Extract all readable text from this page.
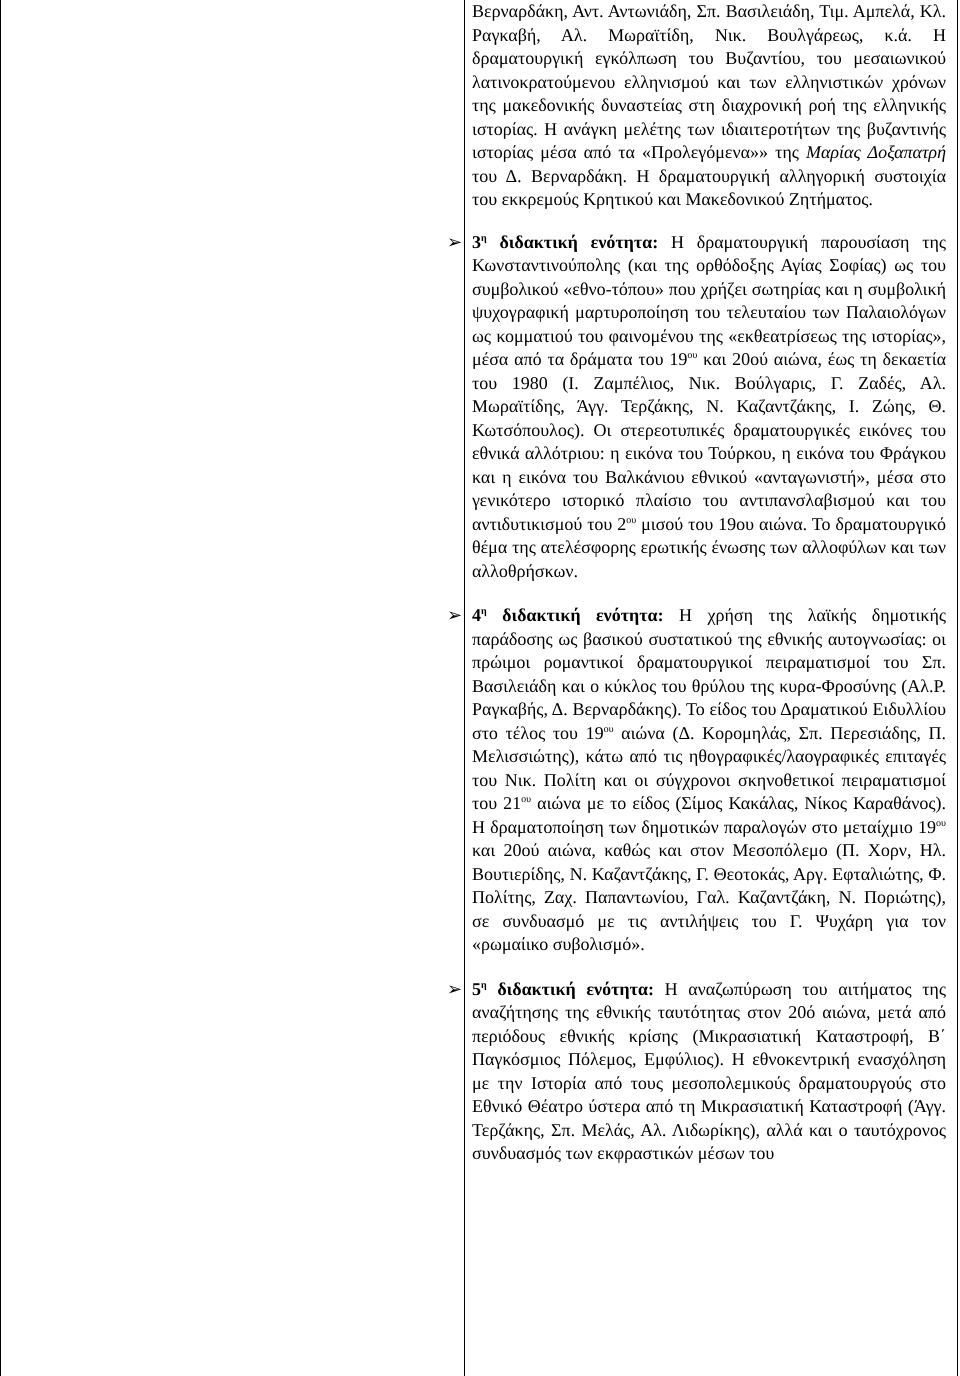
Βερναρδάκη, Αντ. Αντωνιάδη, Σπ. Βασιλειάδη, Τιμ. Αμπελά, Κλ. Ραγκαβή, Αλ. Μωραϊτίδη, Νικ. Βουλγάρεως, κ.ά. Η δραματουργική εγκόλπωση του Βυζαντίου, του μεσαιωνικού λατινοκρατούμενου ελληνισμού και των ελληνιστικών χρόνων της μακεδονικής δυναστείας στη διαχρονική ροή της ελληνικής ιστορίας. Η ανάγκη μελέτης των ιδιαιτεροτήτων της βυζαντινής ιστορίας μέσα από τα «Προλεγόμενα»» της Μαρίας Δοξαπατρή του Δ. Βερναρδάκη. Η δραματουργική αλληγορική συστοιχία του εκκρεμούς Κρητικού και Μακεδονικού Ζητήματος.

➢ $3^\eta$ διδακτική ενότητα: Η δραματουργική παρουσίαση της Κωνσταντινούπολης (και της ορθόδοξης Αγίας Σοφίας) ως του συμβολικού «εθνο-τόπου» που χρήζει σωτηρίας και η συμβολική ψυχογραφική μαρτυροποίηση του τελευταίου των Παλαιολόγων ως κομματιού του φαινομένου της «εκθεατρίσεως της ιστορίας», μέσα από τα δράματα του $19^{o\upsilon}$ και 20ού αιώνα, έως τη δεκαετία του 1980 (Ι. Ζαμπέλιος, Νικ. Βούλγαρις, Γ. Ζαδές, Αλ. Μωραϊτίδης, Άγγ. Τερζάκης, Ν. Καζαντζάκης, Ι. Ζώης, Θ. Κωτσόπουλος). Οι στερεοτυπικές δραματουργικές εικόνες του εθνικά αλλότριου: η εικόνα του Τούρκου, η εικόνα του Φράγκου και η εικόνα του Βαλκάνιου εθνικού «ανταγωνιστή», μέσα στο γενικότερο ιστορικό πλαίσιο του αντιπανσλαβισμού και του αντιδυτικισμού του $2^{o\upsilon}$ μισού του 19ου αιώνα. Το δραματουργικό θέμα της ατελέσφορης ερωτικής ένωσης των αλλοφύλων και των αλλοθρήσκων.

➢ $4^\eta$ διδακτική ενότητα: Η χρήση της λαϊκής δημοτικής παράδοσης ως βασικού συστατικού της εθνικής αυτογνωσίας: οι πρώιμοι ρομαντικοί δραματουργικοί πειραματισμοί του Σπ. Βασιλειάδη και ο κύκλος του θρύλου της κυρα-Φροσύνης (Αλ.Ρ. Ραγκαβής, Δ. Βερναρδάκης). Το είδος του Δραματικού Ειδυλλίου στο τέλος του $19^{o\upsilon}$ αιώνα (Δ. Κορομηλάς, Σπ. Περεσιάδης, Π. Μελισσιώτης), κάτω από τις ηθογραφικές/λαογραφικές επιταγές του Νικ. Πολίτη και οι σύγχρονοι σκηνοθετικοί πειραματισμοί του $21^{o\upsilon}$ αιώνα με το είδος (Σίμος Κακάλας, Νίκος Καραθάνος). Η δραματοποίηση των δημοτικών παραλογών στο μεταίχμιο $19^{o\upsilon}$ και 20ού αιώνα, καθώς και στον Μεσοπόλεμο (Π. Χορν, Ηλ. Βουτιερίδης, Ν. Καζαντζάκης, Γ. Θεοτοκάς, Αργ. Εφταλιώτης, Φ. Πολίτης, Ζαχ. Παπαντωνίου, Γαλ. Καζαντζάκη, Ν. Ποριώτης), σε συνδυασμό με τις αντιλήψεις του Γ. Ψυχάρη για τον «ρωμαίικο συβολισμό».

➢ $5^\eta$ διδακτική ενότητα: Η αναζωπύρωση του αιτήματος της αναζήτησης της εθνικής ταυτότητας στον 20ό αιώνα, μετά από περιόδους εθνικής κρίσης (Μικρασιατική Καταστροφή, Β΄ Παγκόσμιος Πόλεμος, Εμφύλιος). Η εθνοκεντρική ενασχόληση με την Ιστορία από τους μεσοπολεμικούς δραματουργούς στο Εθνικό Θέατρο ύστερα από τη Μικρασιατική Καταστροφή (Άγγ. Τερζάκης, Σπ. Μελάς, Αλ. Λιδωρίκης), αλλά και ο ταυτόχρονος συνδυασμός των εκφραστικών μέσων του
